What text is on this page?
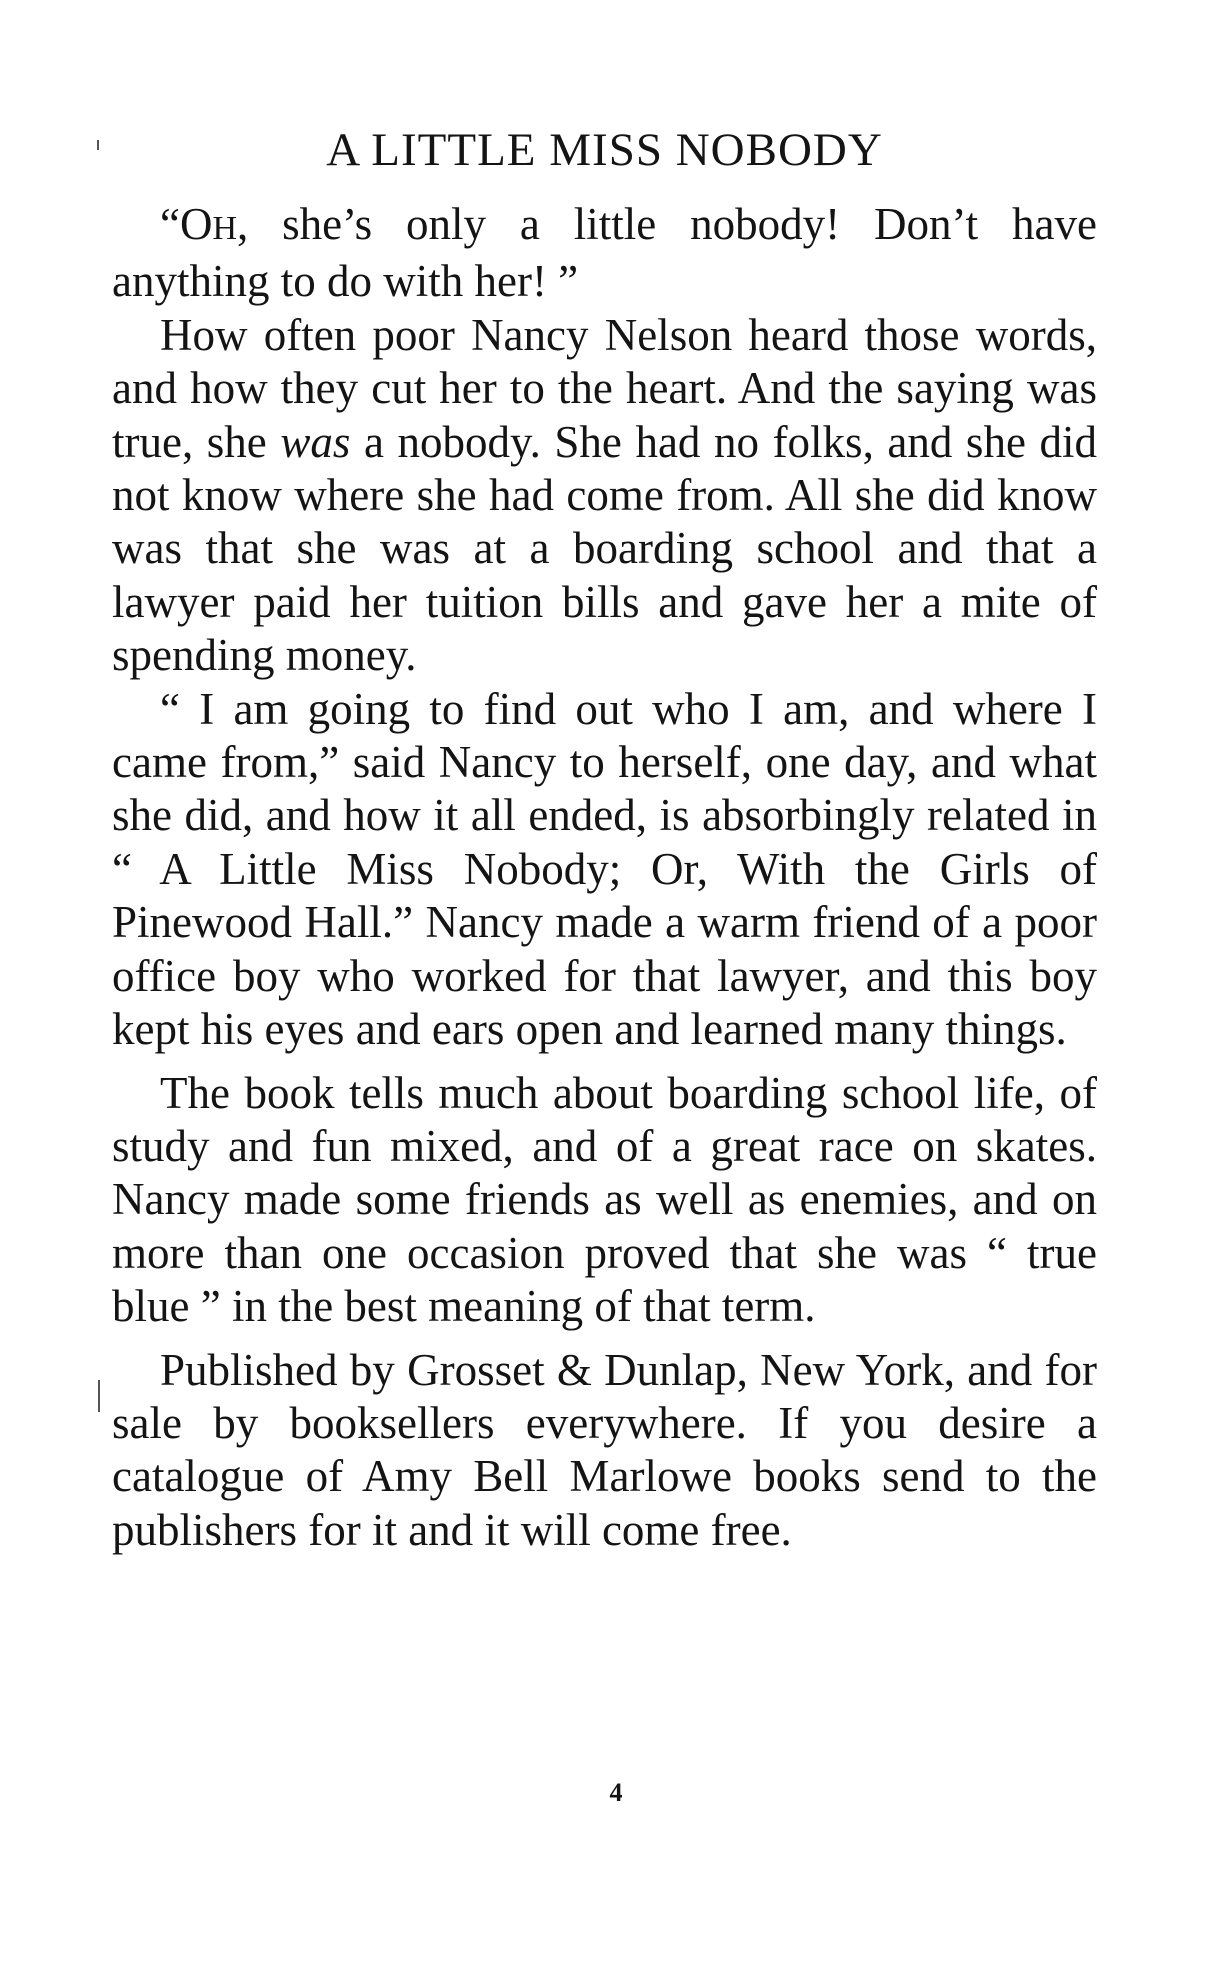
A LITTLE MISS NOBODY

“OH, she’s only a little nobody! Don’t have anything to do with her! ”

How often poor Nancy Nelson heard those words, and how they cut her to the heart. And the saying was true, she was a nobody. She had no folks, and she did not know where she had come from. All she did know was that she was at a boarding school and that a lawyer paid her tuition bills and gave her a mite of spending money.

“ I am going to find out who I am, and where I came from,” said Nancy to herself, one day, and what she did, and how it all ended, is absorbingly related in “ A Little Miss Nobody; Or, With the Girls of Pinewood Hall.” Nancy made a warm friend of a poor office boy who worked for that lawyer, and this boy kept his eyes and ears open and learned many things.

The book tells much about boarding school life, of study and fun mixed, and of a great race on skates. Nancy made some friends as well as enemies, and on more than one occasion proved that she was “ true blue ” in the best meaning of that term.

Published by Grosset & Dunlap, New York, and for sale by booksellers everywhere. If you desire a catalogue of Amy Bell Marlowe books send to the publishers for it and it will come free.

4
